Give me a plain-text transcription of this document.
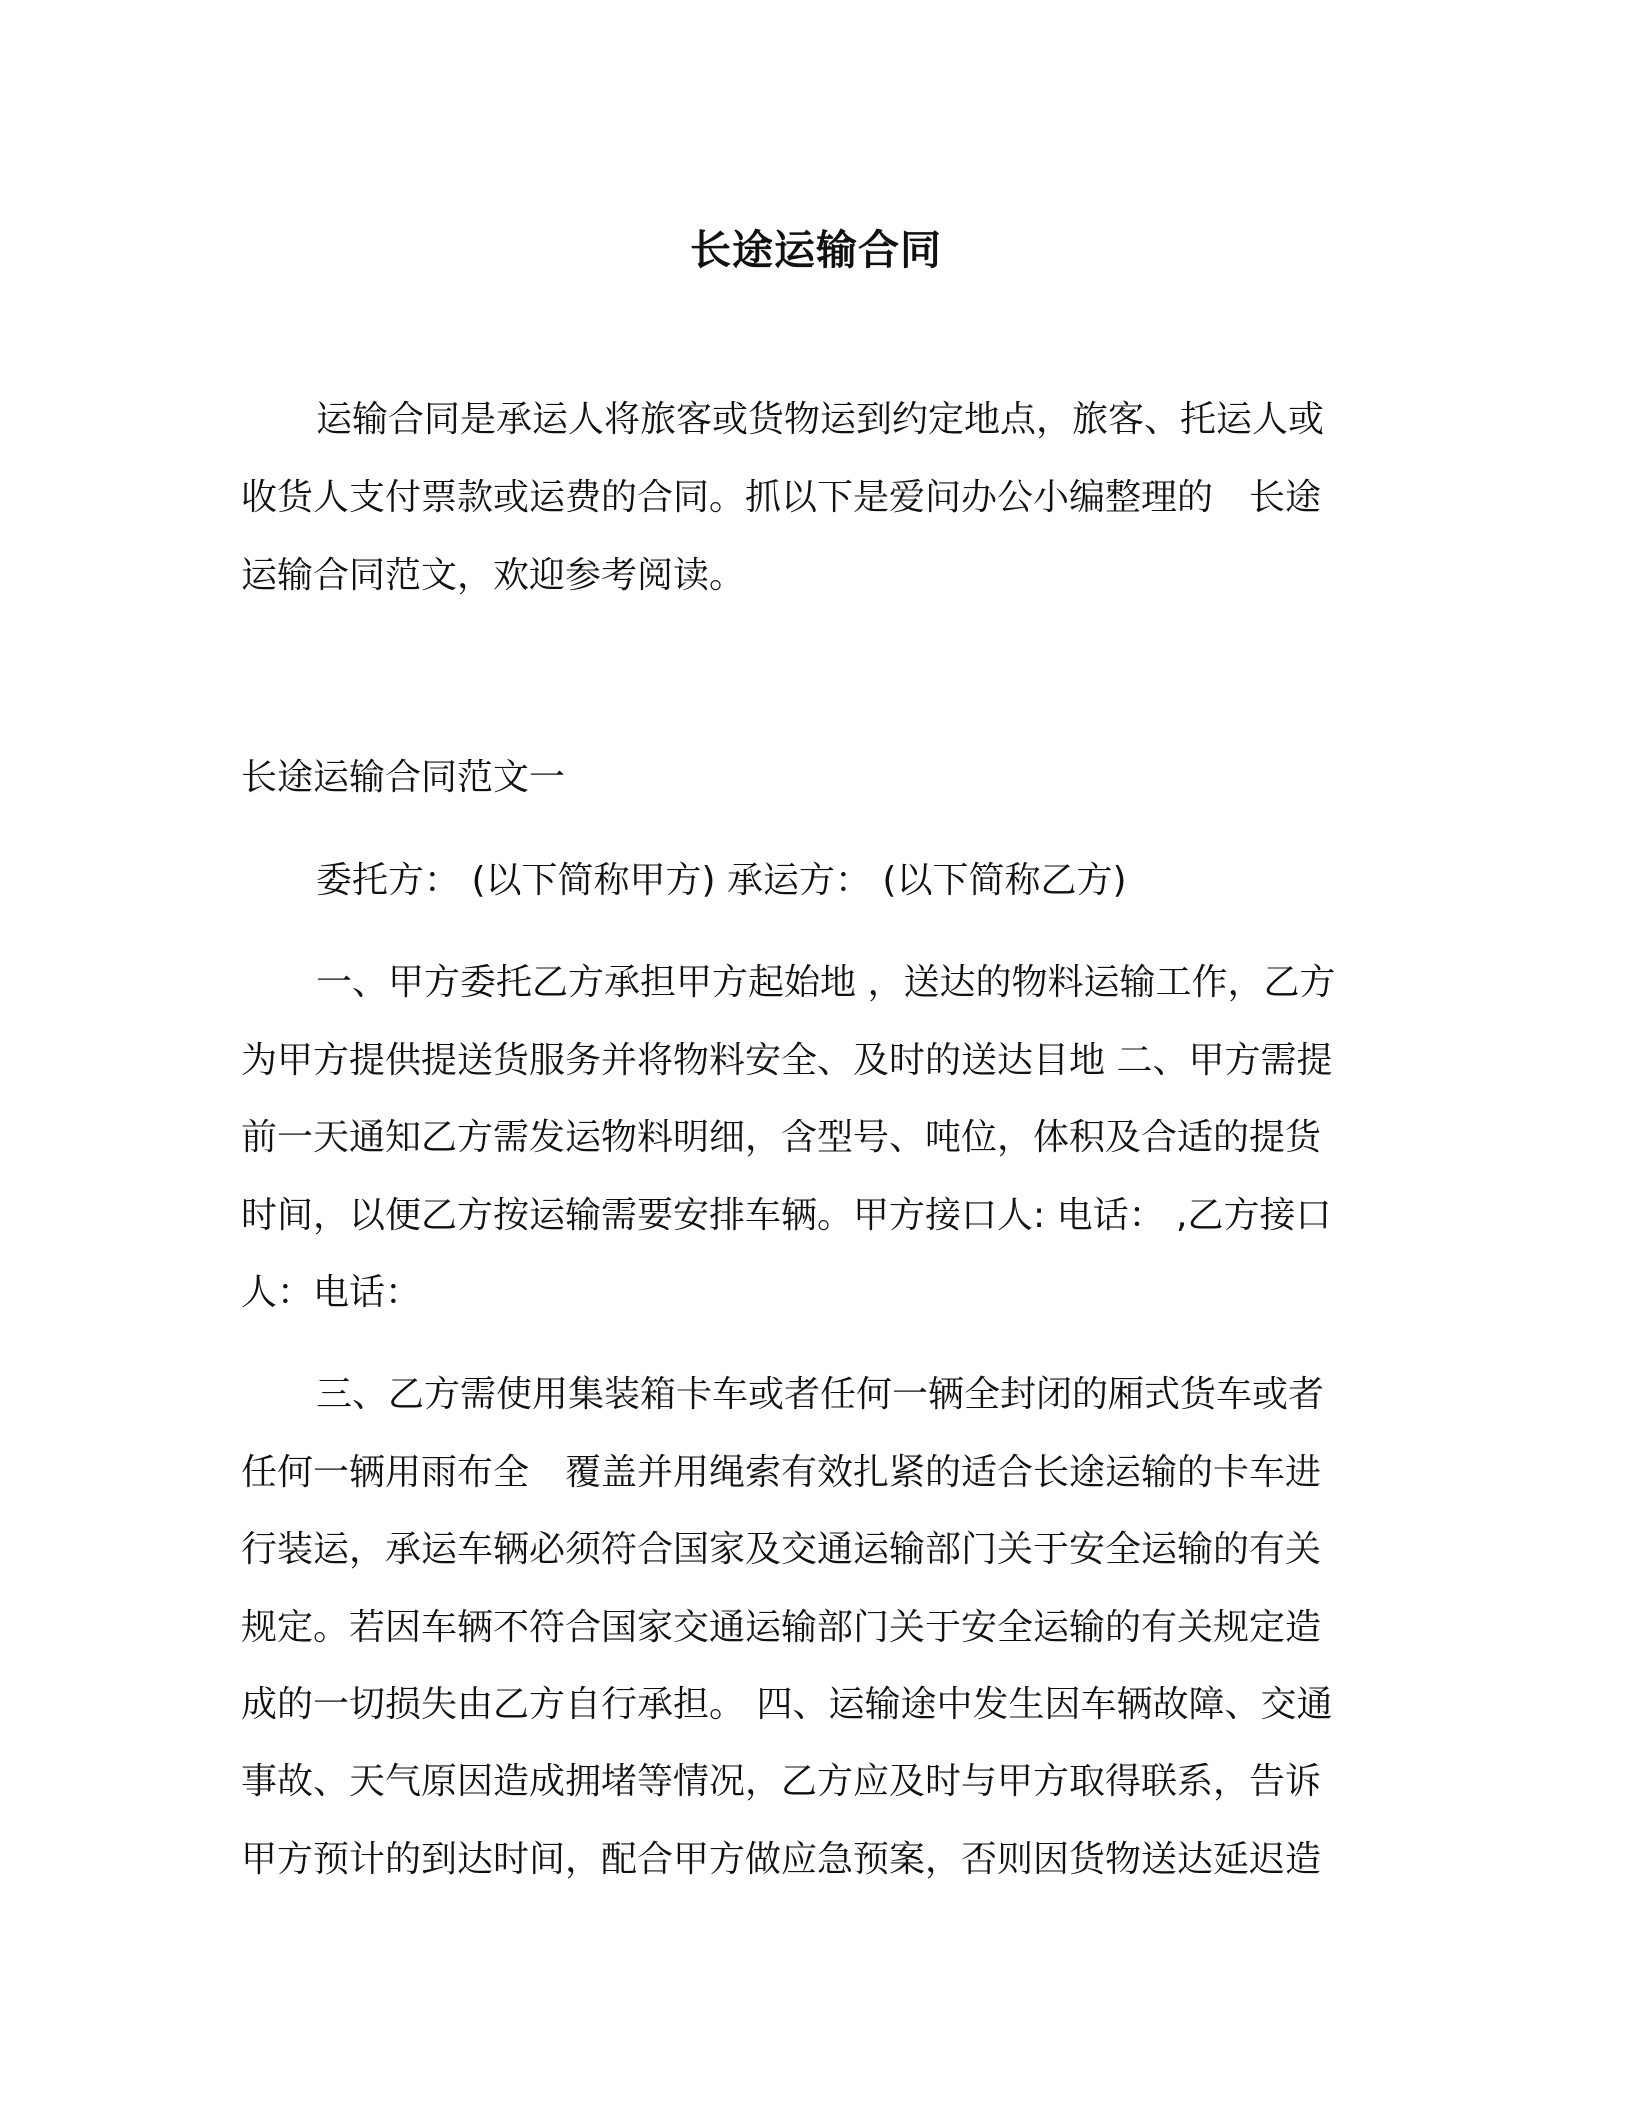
长途运输合同
运输合同是承运人将旅客或货物运到约定地点，旅客、托运人或
收货人支付票款或运费的合同。抓以下是爱问办公小编整理的　长途
运输合同范文，欢迎参考阅读。
长途运输合同范文一
委托方： (以下简称甲方) 承运方： (以下简称乙方)
一、甲方委托乙方承担甲方起始地 ，送达的物料运输工作，乙方
为甲方提供提送货服务并将物料安全、及时的送达目地 二、甲方需提
前一天通知乙方需发运物料明细，含型号、吨位，体积及合适的提货
时间，以便乙方按运输需要安排车辆。甲方接口人: 电话： ,乙方接口
人：电话：
三、乙方需使用集装箱卡车或者任何一辆全封闭的厢式货车或者
任何一辆用雨布全　覆盖并用绳索有效扎紧的适合长途运输的卡车进
行装运，承运车辆必须符合国家及交通运输部门关于安全运输的有关
规定。若因车辆不符合国家交通运输部门关于安全运输的有关规定造
成的一切损失由乙方自行承担。 四、运输途中发生因车辆故障、交通
事故、天气原因造成拥堵等情况，乙方应及时与甲方取得联系，告诉
甲方预计的到达时间，配合甲方做应急预案，否则因货物送达延迟造
